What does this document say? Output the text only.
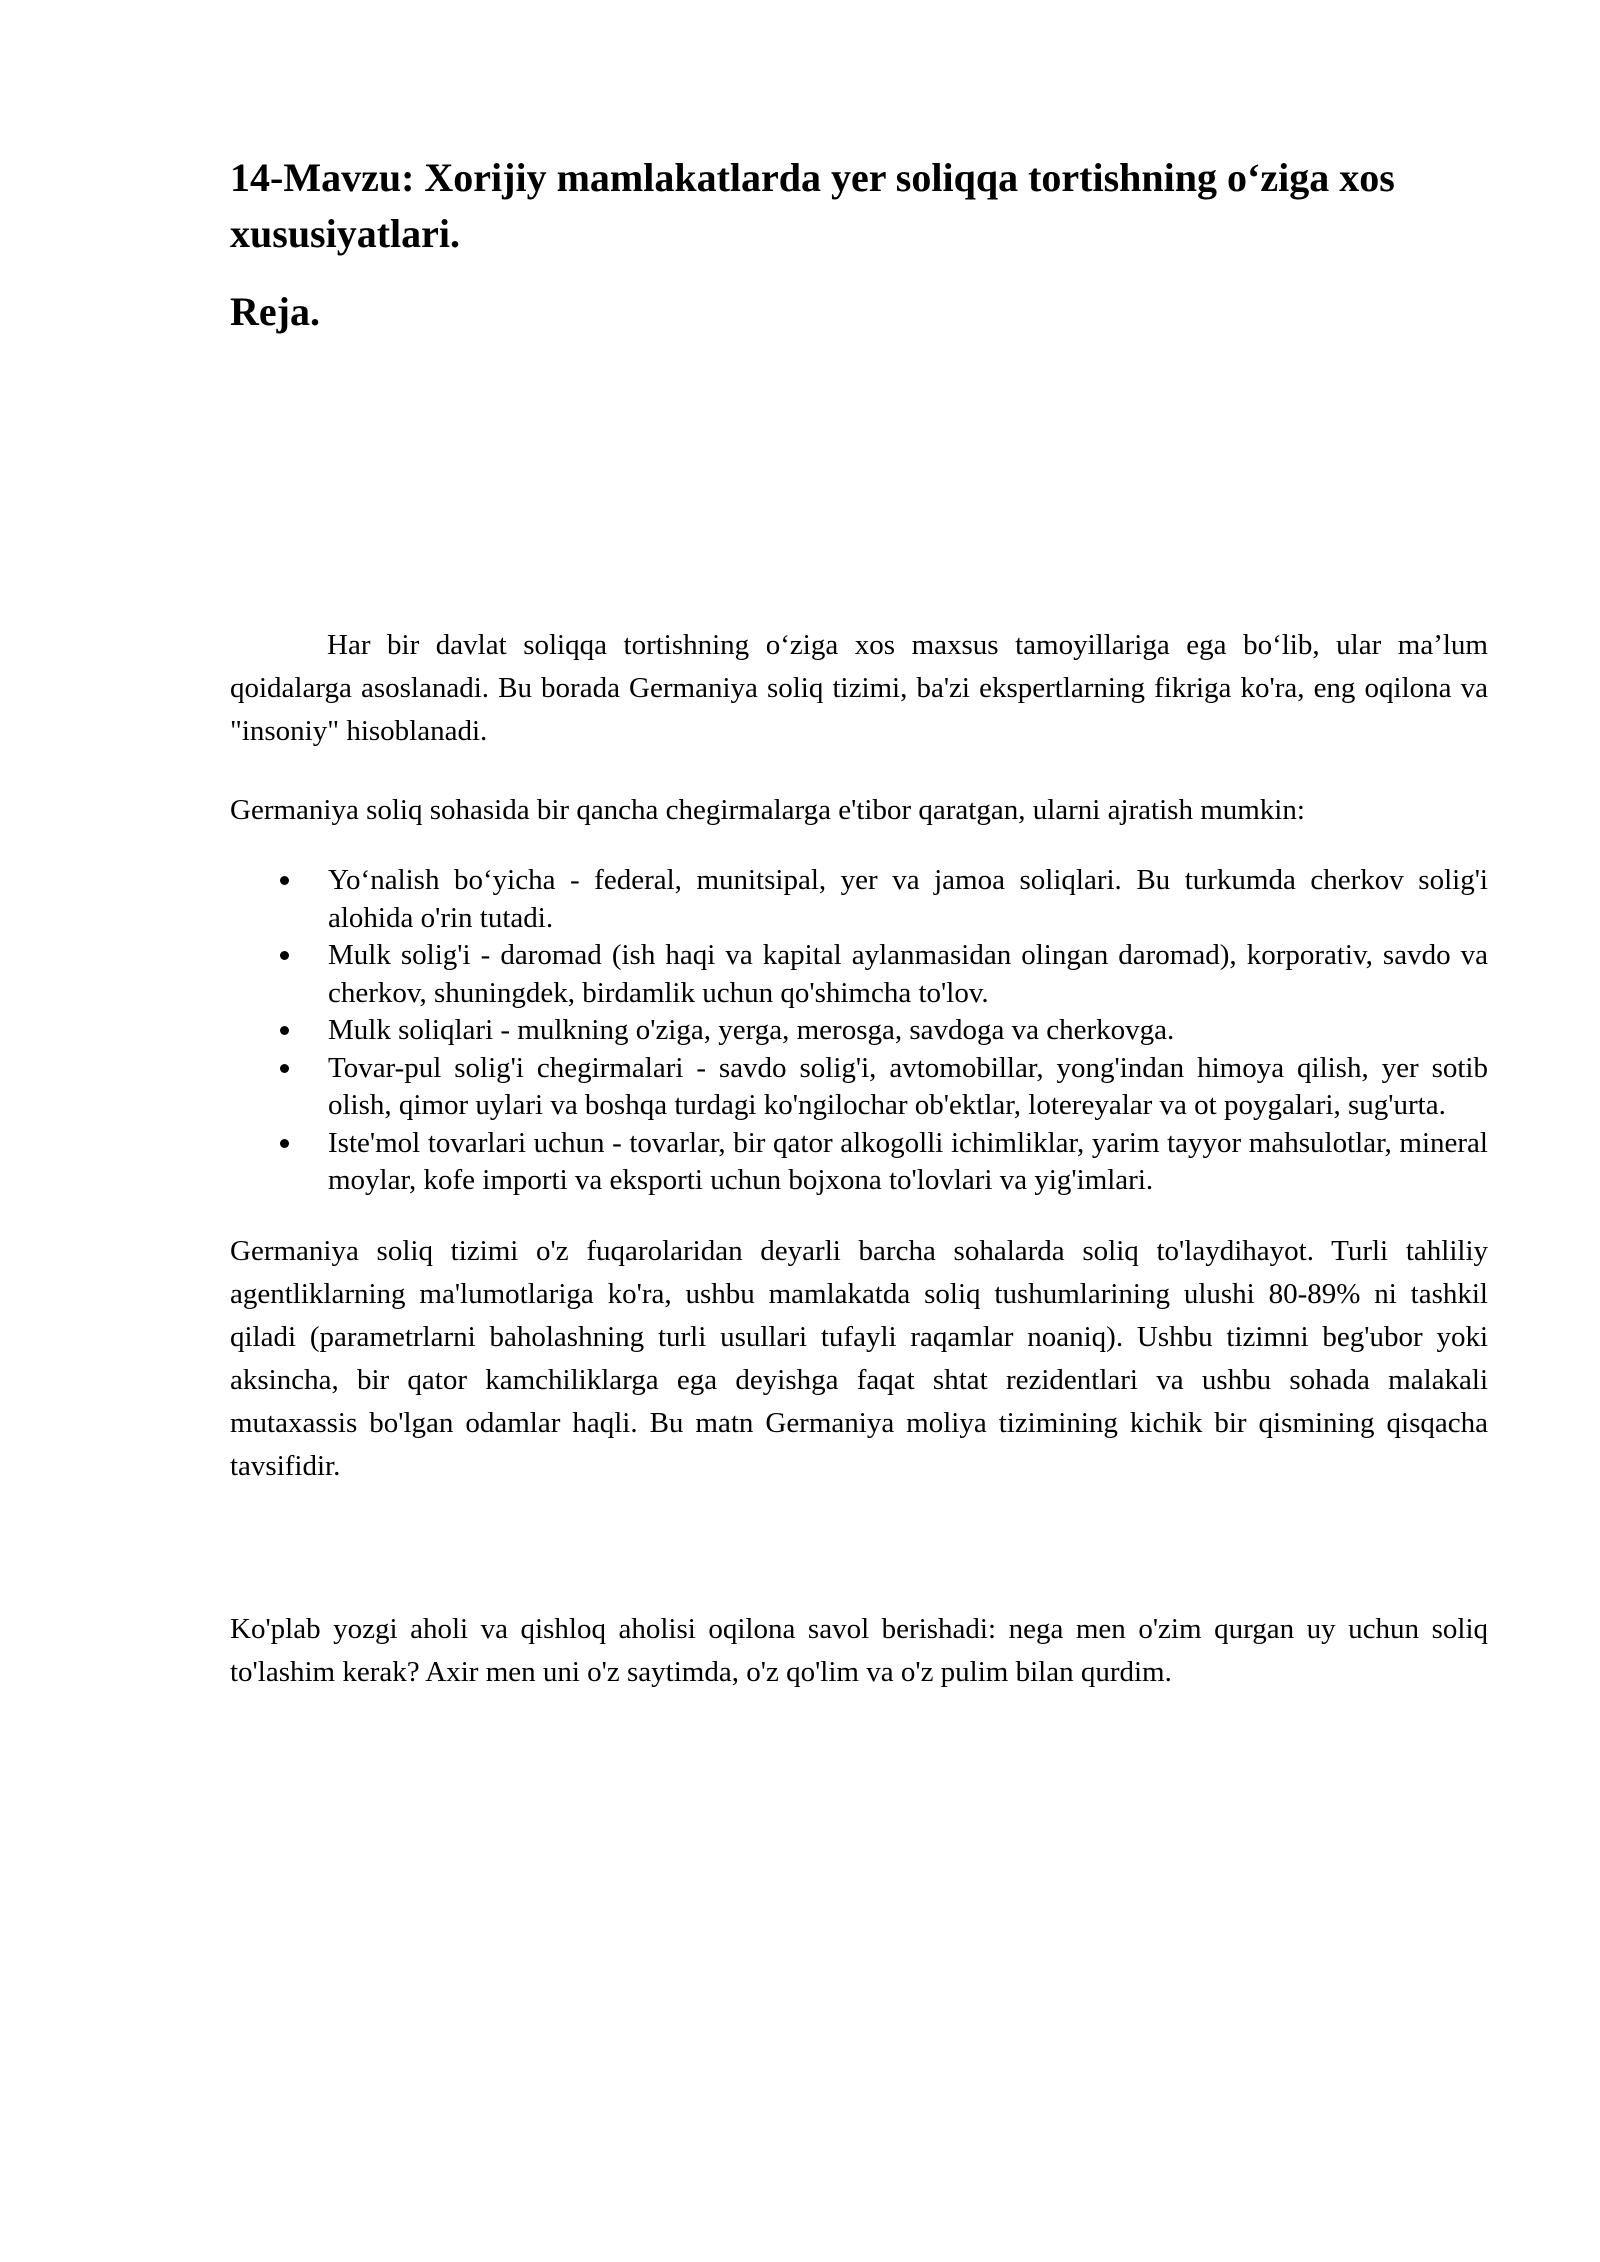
14-Mavzu: Xorijiy mamlakatlarda yer soliqqa tortishning o‘ziga xos xususiyatlari.
Reja.

Har bir davlat soliqqa tortishning o‘ziga xos maxsus tamoyillariga ega bo‘lib, ular ma’lum qoidalarga asoslanadi. Bu borada Germaniya soliq tizimi, ba'zi ekspertlarning fikriga ko'ra, eng oqilona va "insoniy" hisoblanadi.

Germaniya soliq sohasida bir qancha chegirmalarga e'tibor qaratgan, ularni ajratish mumkin:

Yo‘nalish bo‘yicha - federal, munitsipal, yer va jamoa soliqlari. Bu turkumda cherkov solig'i alohida o'rin tutadi.
Mulk solig'i - daromad (ish haqi va kapital aylanmasidan olingan daromad), korporativ, savdo va cherkov, shuningdek, birdamlik uchun qo'shimcha to'lov.
Mulk soliqlari - mulkning o'ziga, yerga, merosga, savdoga va cherkovga.
Tovar-pul solig'i chegirmalari - savdo solig'i, avtomobillar, yong'indan himoya qilish, yer sotib olish, qimor uylari va boshqa turdagi ko'ngilochar ob'ektlar, lotereyalar va ot poygalari, sug'urta.
Iste'mol tovarlari uchun - tovarlar, bir qator alkogolli ichimliklar, yarim tayyor mahsulotlar, mineral moylar, kofe importi va eksporti uchun bojxona to'lovlari va yig'imlari.

Germaniya soliq tizimi o'z fuqarolaridan deyarli barcha sohalarda soliq to'laydihayot. Turli tahliliy agentliklarning ma'lumotlariga ko'ra, ushbu mamlakatda soliq tushumlarining ulushi 80-89% ni tashkil qiladi (parametrlarni baholashning turli usullari tufayli raqamlar noaniq). Ushbu tizimni beg'ubor yoki aksincha, bir qator kamchiliklarga ega deyishga faqat shtat rezidentlari va ushbu sohada malakali mutaxassis bo'lgan odamlar haqli. Bu matn Germaniya moliya tizimining kichik bir qismining qisqacha tavsifidir.

Ko'plab yozgi aholi va qishloq aholisi oqilona savol berishadi: nega men o'zim qurgan uy uchun soliq to'lashim kerak? Axir men uni o'z saytimda, o'z qo'lim va o'z pulim bilan qurdim.
